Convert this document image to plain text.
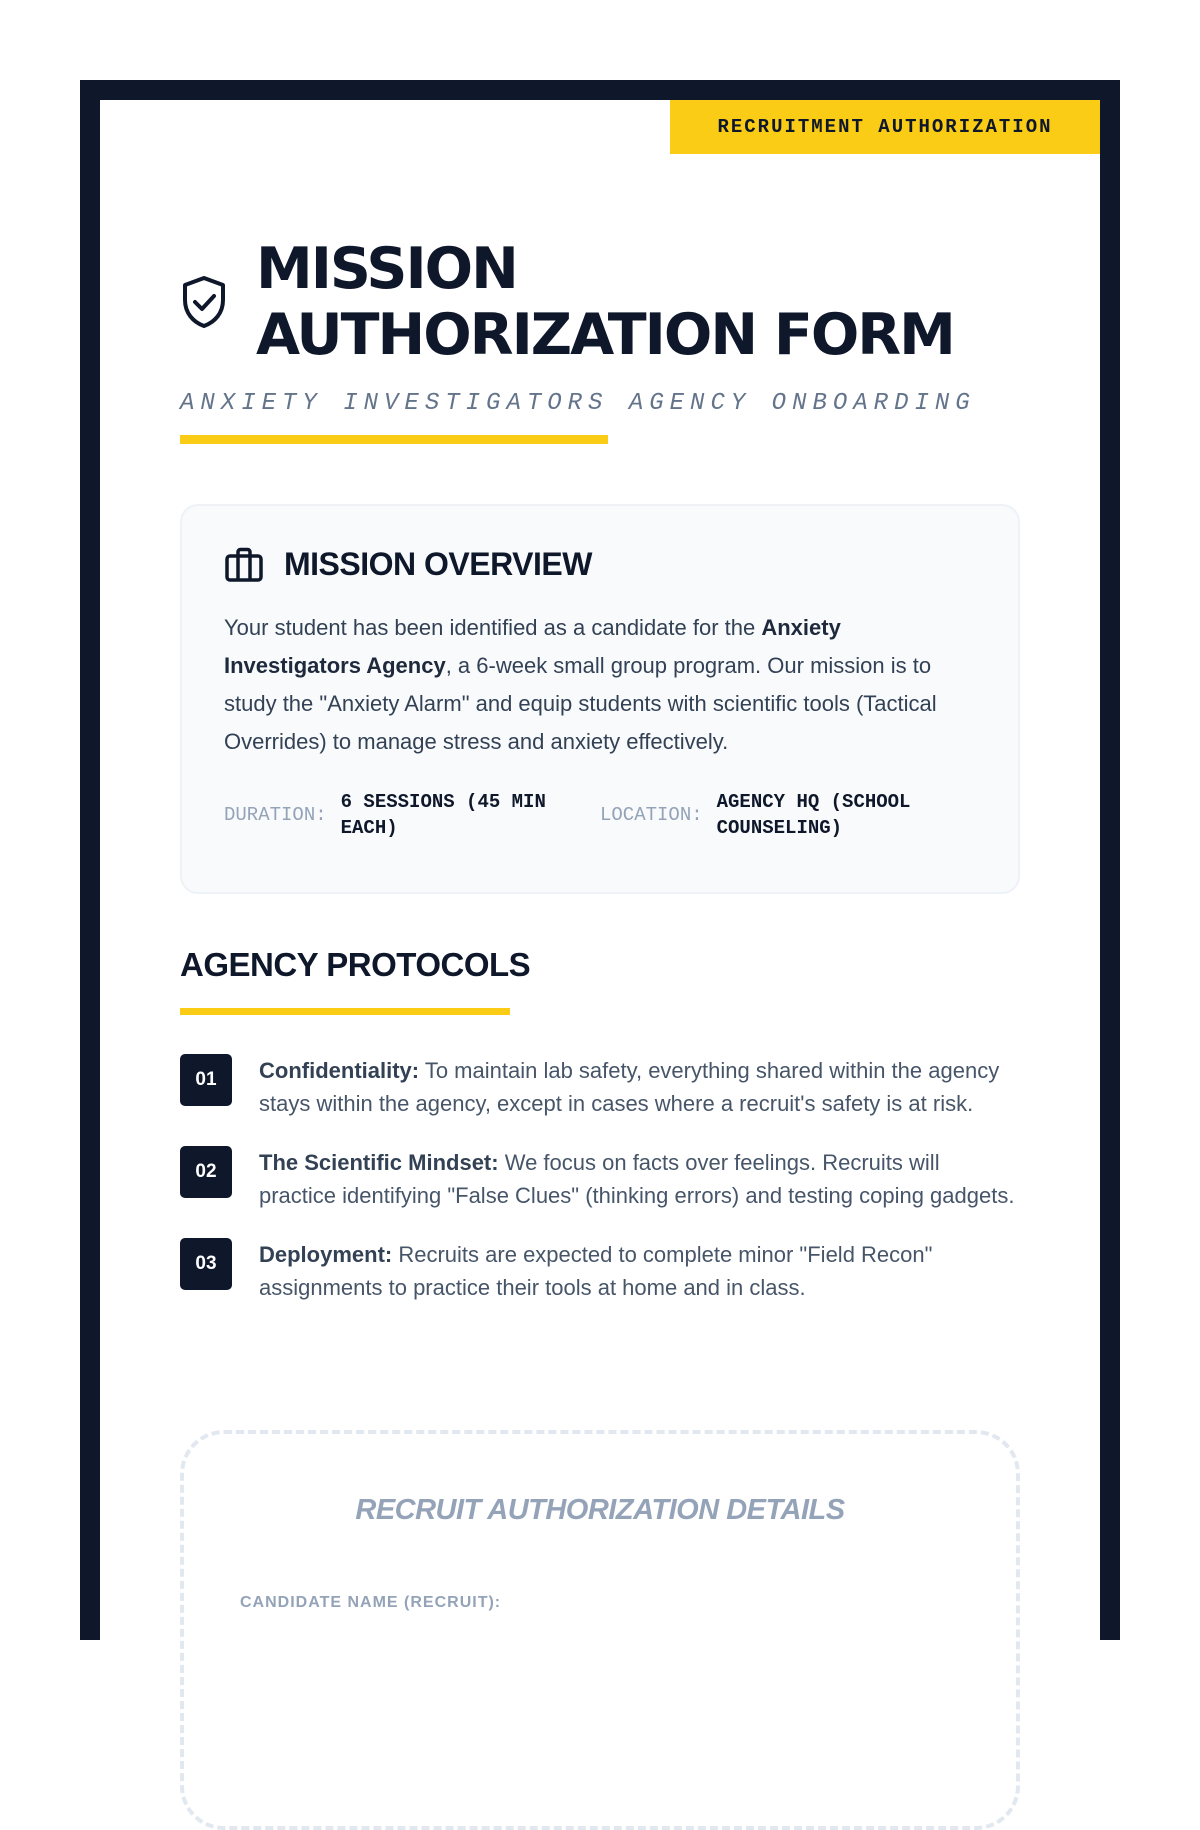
RECRUITMENT AUTHORIZATION
MISSION
AUTHORIZATION FORM
ANXIETY INVESTIGATORS AGENCY ONBOARDING
MISSION OVERVIEW
Your student has been identified as a candidate for the Anxiety Investigators Agency, a 6-week small group program. Our mission is to study the "Anxiety Alarm" and equip students with scientific tools (Tactical Overrides) to manage stress and anxiety effectively.
DURATION:
6 SESSIONS (45 MIN EACH)
LOCATION:
AGENCY HQ (SCHOOL COUNSELING)
AGENCY PROTOCOLS
01	Confidentiality: To maintain lab safety, everything shared within the agency stays within the agency, except in cases where a recruit's safety is at risk.
02	The Scientific Mindset: We focus on facts over feelings. Recruits will practice identifying "False Clues" (thinking errors) and testing coping gadgets.
03	Deployment: Recruits are expected to complete minor "Field Recon" assignments to practice their tools at home and in class.
RECRUIT AUTHORIZATION DETAILS
CANDIDATE NAME (RECRUIT):
